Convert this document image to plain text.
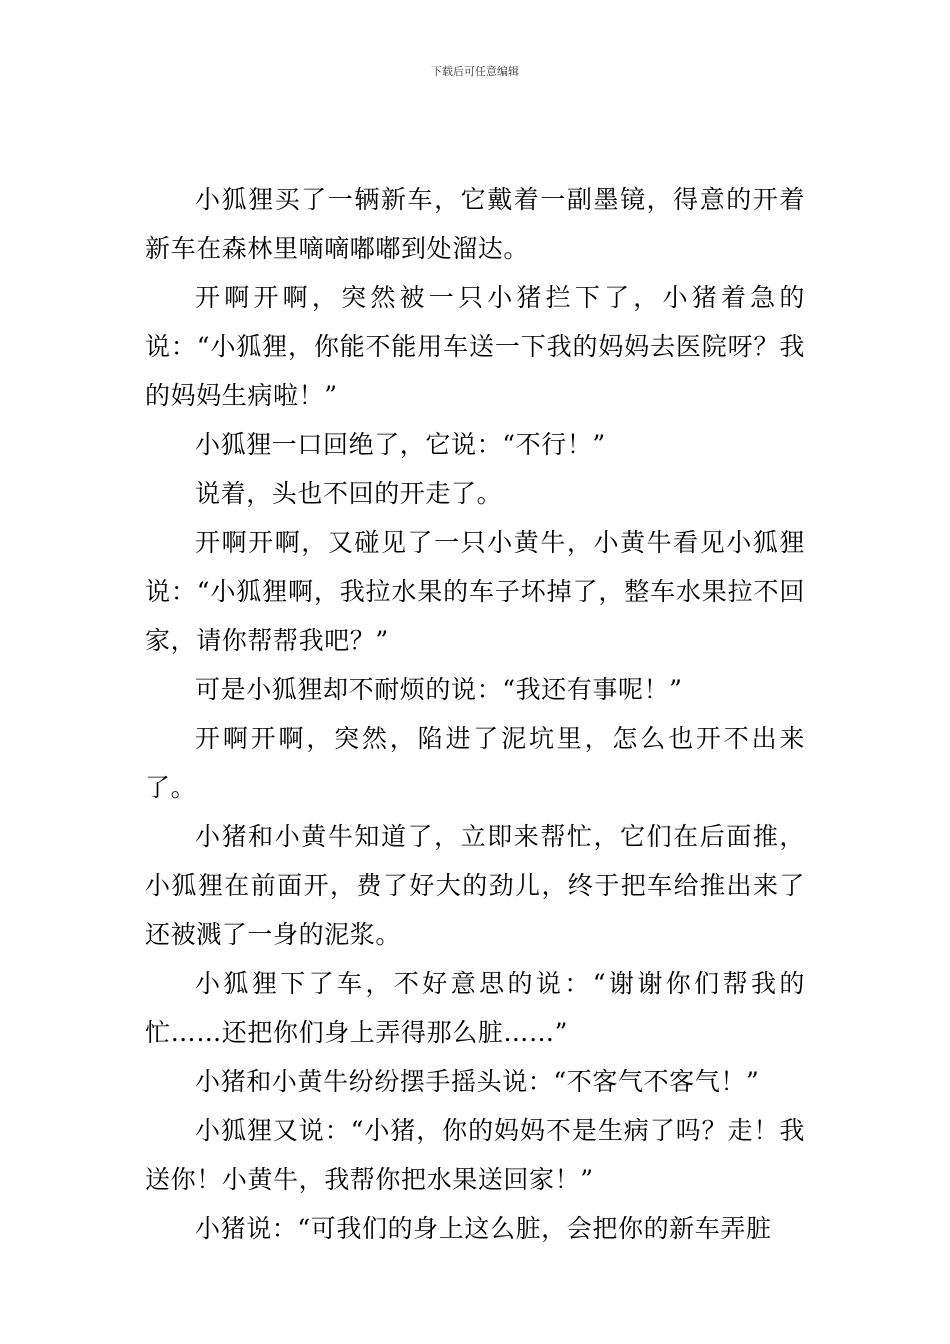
下载后可任意编辑

小狐狸买了一辆新车，它戴着一副墨镜，得意的开着新车在森林里嘀嘀嘟嘟到处溜达。

开啊开啊，突然被一只小猪拦下了，小猪着急的说：“小狐狸，你能不能用车送一下我的妈妈去医院呀？我的妈妈生病啦！”

小狐狸一口回绝了，它说：“不行！”

说着，头也不回的开走了。

开啊开啊，又碰见了一只小黄牛，小黄牛看见小狐狸说：“小狐狸啊，我拉水果的车子坏掉了，整车水果拉不回家，请你帮帮我吧？”

可是小狐狸却不耐烦的说：“我还有事呢！”

开啊开啊，突然，陷进了泥坑里，怎么也开不出来了。

小猪和小黄牛知道了，立即来帮忙，它们在后面推，小狐狸在前面开，费了好大的劲儿，终于把车给推出来了还被溅了一身的泥浆。

小狐狸下了车，不好意思的说：“谢谢你们帮我的忙……还把你们身上弄得那么脏……”

小猪和小黄牛纷纷摆手摇头说：“不客气不客气！”

小狐狸又说：“小猪，你的妈妈不是生病了吗？走！我送你！小黄牛，我帮你把水果送回家！”

小猪说：“可我们的身上这么脏，会把你的新车弄脏
